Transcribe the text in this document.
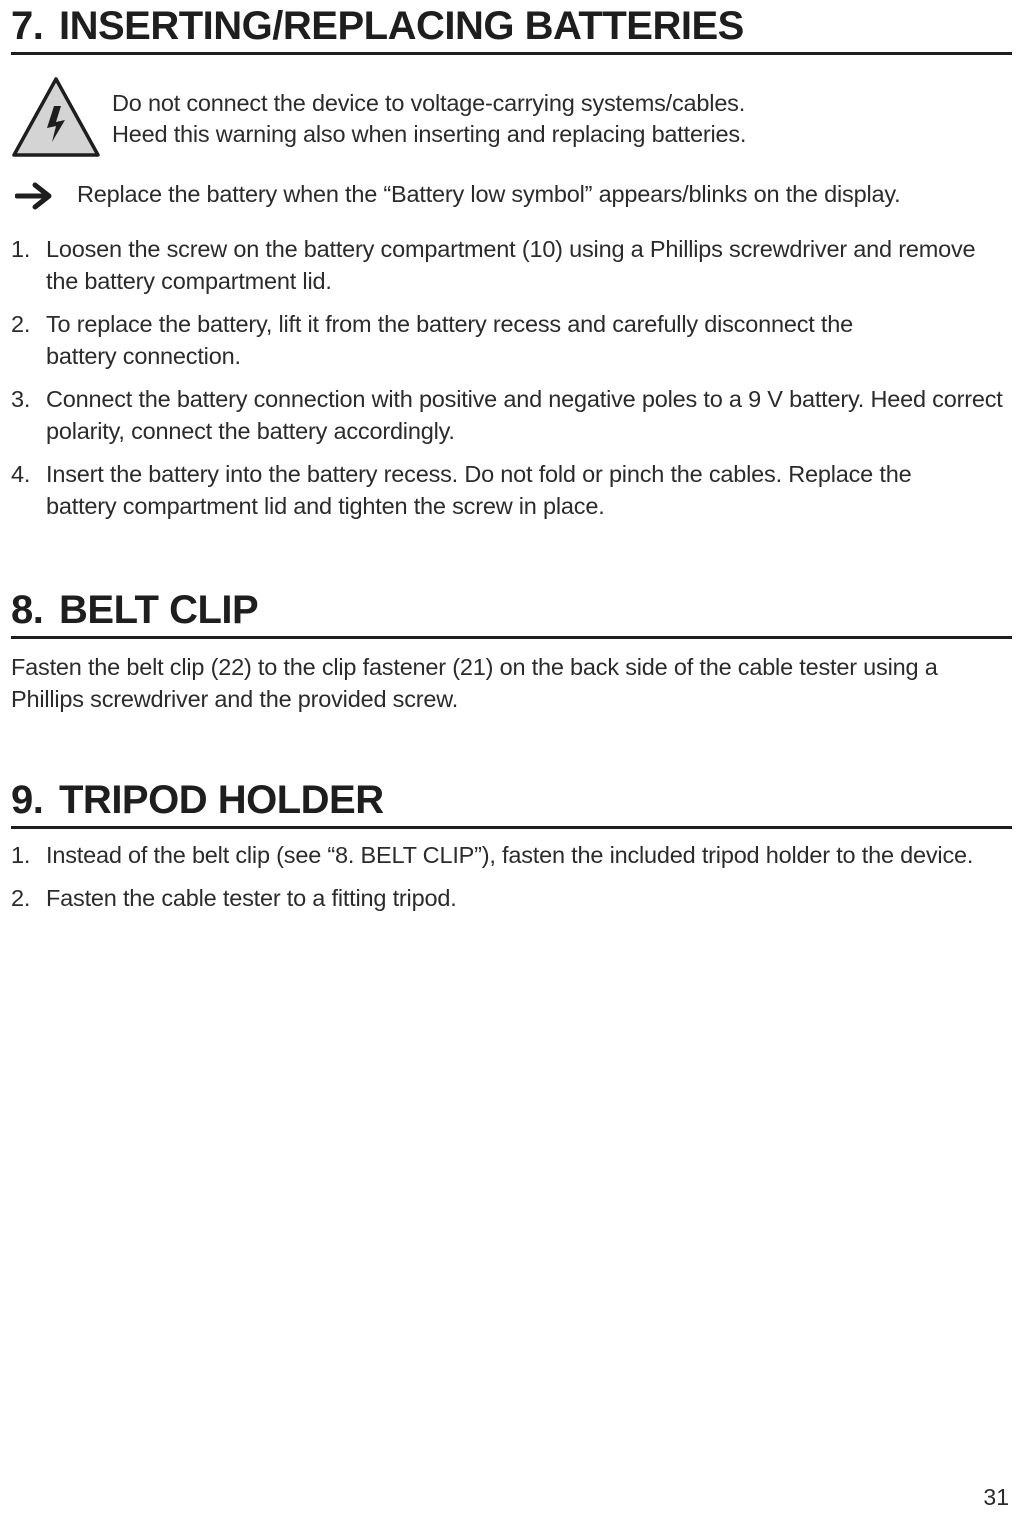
7. INSERTING/REPLACING BATTERIES
Do not connect the device to voltage-carrying systems/cables.
Heed this warning also when inserting and replacing batteries.
Replace the battery when the “Battery low symbol” appears/blinks on the display.
1. Loosen the screw on the battery compartment (10) using a Phillips screwdriver and remove the battery compartment lid.
2. To replace the battery, lift it from the battery recess and carefully disconnect the battery connection.
3. Connect the battery connection with positive and negative poles to a 9 V battery. Heed correct polarity, connect the battery accordingly.
4. Insert the battery into the battery recess. Do not fold or pinch the cables. Replace the battery compartment lid and tighten the screw in place.
8. BELT CLIP
Fasten the belt clip (22) to the clip fastener (21) on the back side of the cable tester using a Phillips screwdriver and the provided screw.
9. TRIPOD HOLDER
1. Instead of the belt clip (see “8. BELT CLIP”), fasten the included tripod holder to the device.
2. Fasten the cable tester to a fitting tripod.
31
